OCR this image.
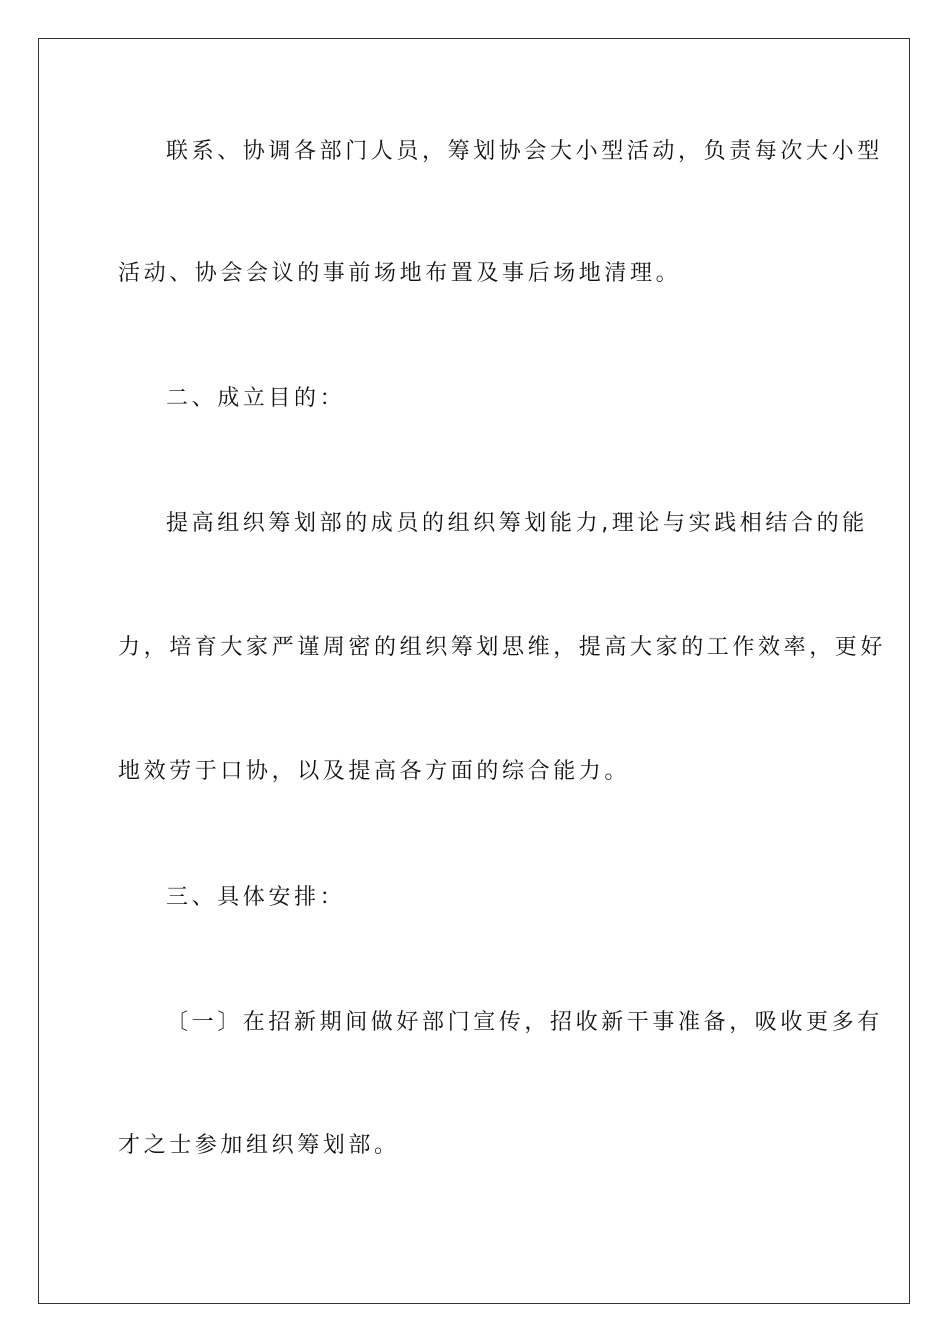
联系、协调各部门人员，筹划协会大小型活动，负责每次大小型
活动、协会会议的事前场地布置及事后场地清理。
二、成立目的：
提高组织筹划部的成员的组织筹划能力,理论与实践相结合的能
力，培育大家严谨周密的组织筹划思维，提高大家的工作效率，更好
地效劳于口协，以及提高各方面的综合能力。
三、具体安排：
〔一〕在招新期间做好部门宣传，招收新干事准备，吸收更多有
才之士参加组织筹划部。
